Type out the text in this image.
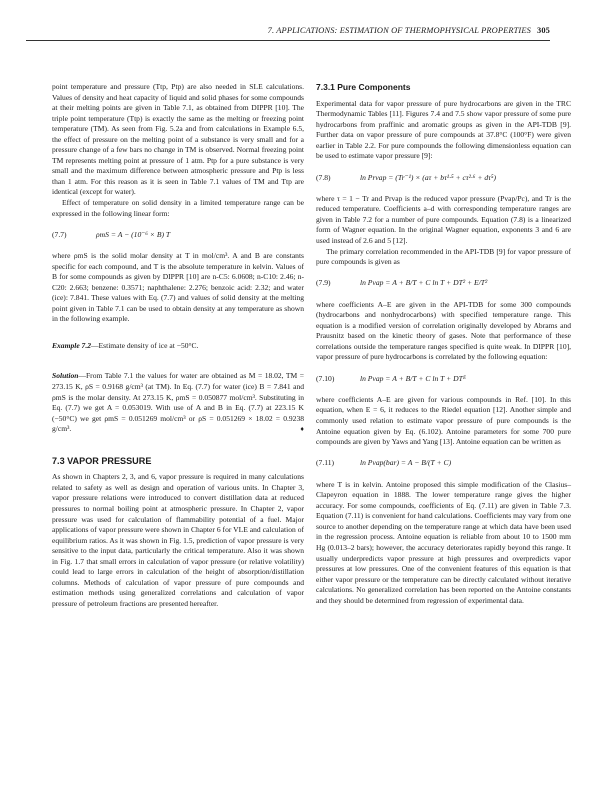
7. APPLICATIONS: ESTIMATION OF THERMOPHYSICAL PROPERTIES 305

point temperature and pressure (Ttp, Ptp) are also needed in SLE calculations. Values of density and heat capacity of liquid and solid phases for some compounds at their melting points are given in Table 7.1, as obtained from DIPPR [10]. The triple point temperature (Ttp) is exactly the same as the melting or freezing point temperature (TM). As seen from Fig. 5.2a and from calculations in Example 6.5, the effect of pressure on the melting point of a substance is very small and for a pressure change of a few bars no change in TM is observed. Normal freezing point TM represents melting point at pressure of 1 atm. Ptp for a pure substance is very small and the maximum difference between atmospheric pressure and Ptp is less than 1 atm. For this reason as it is seen in Table 7.1 values of TM and Ttp are identical (except for water).

Effect of temperature on solid density in a limited temperature range can be expressed in the following linear form:

(7.7)	ρmS = A − (10⁻⁶ × B) T

where ρmS is the solid molar density at T in mol/cm³. A and B are constants specific for each compound, and T is the absolute temperature in kelvin. Values of B for some compounds as given by DIPPR [10] are n-C5: 6.0608; n-C10: 2.46; n-C20: 2.663; benzene: 0.3571; naphthalene: 2.276; benzoic acid: 2.32; and water (ice): 7.841. These values with Eq. (7.7) and values of solid density at the melting point given in Table 7.1 can be used to obtain density at any temperature as shown in the following example.

Example 7.2—Estimate density of ice at −50°C.

Solution—From Table 7.1 the values for water are obtained as M = 18.02, TM = 273.15 K, ρS = 0.9168 g/cm³ (at TM). In Eq. (7.7) for water (ice) B = 7.841 and ρmS is the molar density. At 273.15 K, ρmS = 0.050877 mol/cm³. Substituting in Eq. (7.7) we get A = 0.053019. With use of A and B in Eq. (7.7) at 223.15 K (−50°C) we get ρmS = 0.051269 mol/cm³ or ρS = 0.051269 × 18.02 = 0.9238 g/cm³.	♦

7.3 VAPOR PRESSURE

As shown in Chapters 2, 3, and 6, vapor pressure is required in many calculations related to safety as well as design and operation of various units. In Chapter 3, vapor pressure relations were introduced to convert distillation data at reduced pressures to normal boiling point at atmospheric pressure. In Chapter 2, vapor pressure was used for calculation of flammability potential of a fuel. Major applications of vapor pressure were shown in Chapter 6 for VLE and calculation of equilibrium ratios. As it was shown in Fig. 1.5, prediction of vapor pressure is very sensitive to the input data, particularly the critical temperature. Also it was shown in Fig. 1.7 that small errors in calculation of vapor pressure (or relative volatility) could lead to large errors in calculation of the height of absorption/distillation columns. Methods of calculation of vapor pressure of pure compounds and estimation methods using generalized correlations and calculation of vapor pressure of petroleum fractions are presented hereafter.

7.3.1 Pure Components

Experimental data for vapor pressure of pure hydrocarbons are given in the TRC Thermodynamic Tables [11]. Figures 7.4 and 7.5 show vapor pressure of some pure hydrocarbons from praffinic and aromatic groups as given in the API-TDB [9]. Further data on vapor pressure of pure compounds at 37.8°C (100°F) were given earlier in Table 2.2. For pure compounds the following dimensionless equation can be used to estimate vapor pressure [9]:

(7.8)	ln Prvap = (Tr⁻¹) × (aτ + bτ¹·⁵ + cτ²·⁶ + dτ⁵)

where τ = 1 − Tr and Prvap is the reduced vapor pressure (Pvap/Pc), and Tr is the reduced temperature. Coefficients a–d with corresponding temperature ranges are given in Table 7.2 for a number of pure compounds. Equation (7.8) is a linearized form of Wagner equation. In the original Wagner equation, exponents 3 and 6 are used instead of 2.6 and 5 [12].

The primary correlation recommended in the API-TDB [9] for vapor pressure of pure compounds is given as

(7.9)	ln Pvap = A + B/T + C ln T + DT² + E/T²

where coefficients A–E are given in the API-TDB for some 300 compounds (hydrocarbons and nonhydrocarbons) with specified temperature range. This equation is a modified version of correlation originally developed by Abrams and Prausnitz based on the kinetic theory of gases. Note that performance of these correlations outside the temperature ranges specified is quite weak. In DIPPR [10], vapor pressure of pure hydrocarbons is correlated by the following equation:

(7.10)	ln Pvap = A + B/T + C ln T + DTᴱ

where coefficients A–E are given for various compounds in Ref. [10]. In this equation, when E = 6, it reduces to the Riedel equation [12]. Another simple and commonly used relation to estimate vapor pressure of pure compounds is the Antoine equation given by Eq. (6.102). Antoine parameters for some 700 pure compounds are given by Yaws and Yang [13]. Antoine equation can be written as

(7.11)	ln Pvap(bar) = A − B/(T + C)

where T is in kelvin. Antoine proposed this simple modification of the Clasius–Clapeyron equation in 1888. The lower temperature range gives the higher accuracy. For some compounds, coefficients of Eq. (7.11) are given in Table 7.3. Equation (7.11) is convenient for hand calculations. Coefficients may vary from one source to another depending on the temperature range at which data have been used in the regression process. Antoine equation is reliable from about 10 to 1500 mm Hg (0.013–2 bars); however, the accuracy deteriorates rapidly beyond this range. It usually underpredicts vapor pressure at high pressures and overpredicts vapor pressures at low pressures. One of the convenient features of this equation is that either vapor pressure or the temperature can be directly calculated without iterative calculations. No generalized correlation has been reported on the Antoine constants and they should be determined from regression of experimental data.
